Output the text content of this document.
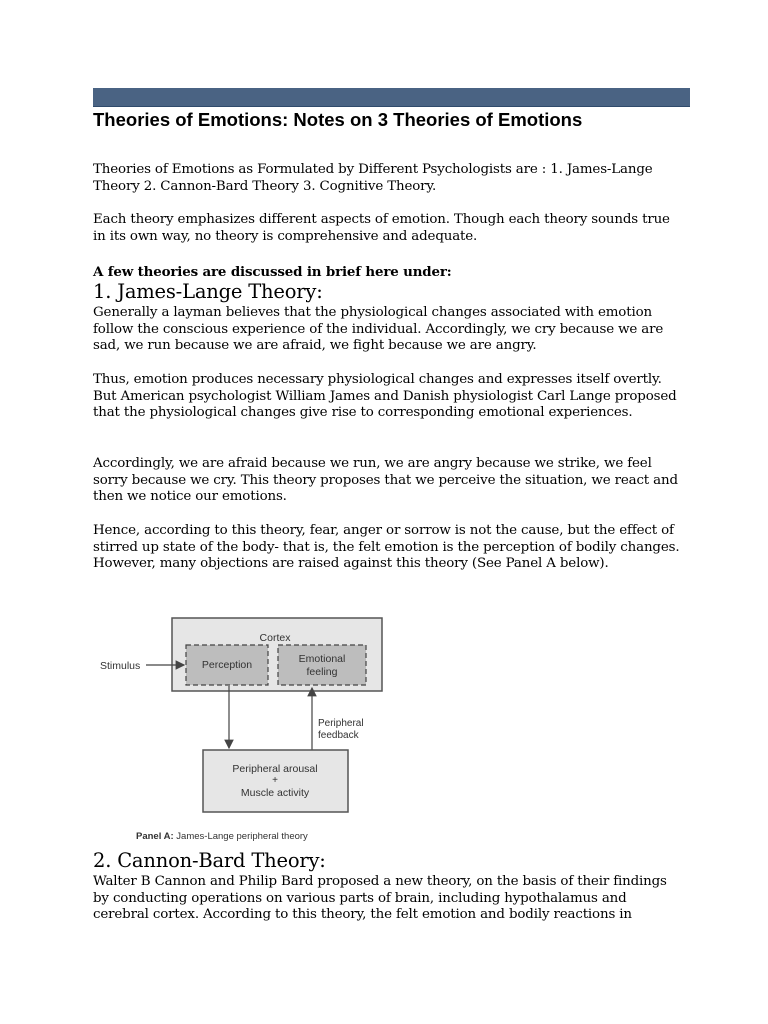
Theories of Emotions: Notes on 3 Theories of Emotions
Theories of Emotions as Formulated by Different Psychologists are : 1. James-Lange Theory 2. Cannon-Bard Theory 3. Cognitive Theory.
Each theory emphasizes different aspects of emotion. Though each theory sounds true in its own way, no theory is comprehensive and adequate.
A few theories are discussed in brief here under:
1. James-Lange Theory:
Generally a layman believes that the physiological changes associated with emotion follow the conscious experience of the individual. Accordingly, we cry because we are sad, we run because we are afraid, we fight because we are angry.
Thus, emotion produces necessary physiological changes and expresses itself overtly. But American psychologist William James and Danish physiologist Carl Lange proposed that the physiological changes give rise to corresponding emotional experiences.
Accordingly, we are afraid because we run, we are angry because we strike, we feel sorry because we cry. This theory proposes that we perceive the situation, we react and then we notice our emotions.
Hence, according to this theory, fear, anger or sorrow is not the cause, but the effect of stirred up state of the body- that is, the felt emotion is the perception of bodily changes. However, many objections are raised against this theory (See Panel A below).
Cortex
Perception	Emotional
feeling
Stimulus
Peripheral
feedback
Peripheral arousal
+
Muscle activity
Panel A: James-Lange peripheral theory
2. Cannon-Bard Theory:
Walter B Cannon and Philip Bard proposed a new theory, on the basis of their findings by conducting operations on various parts of brain, including hypothalamus and cerebral cortex. According to this theory, the felt emotion and bodily reactions in
